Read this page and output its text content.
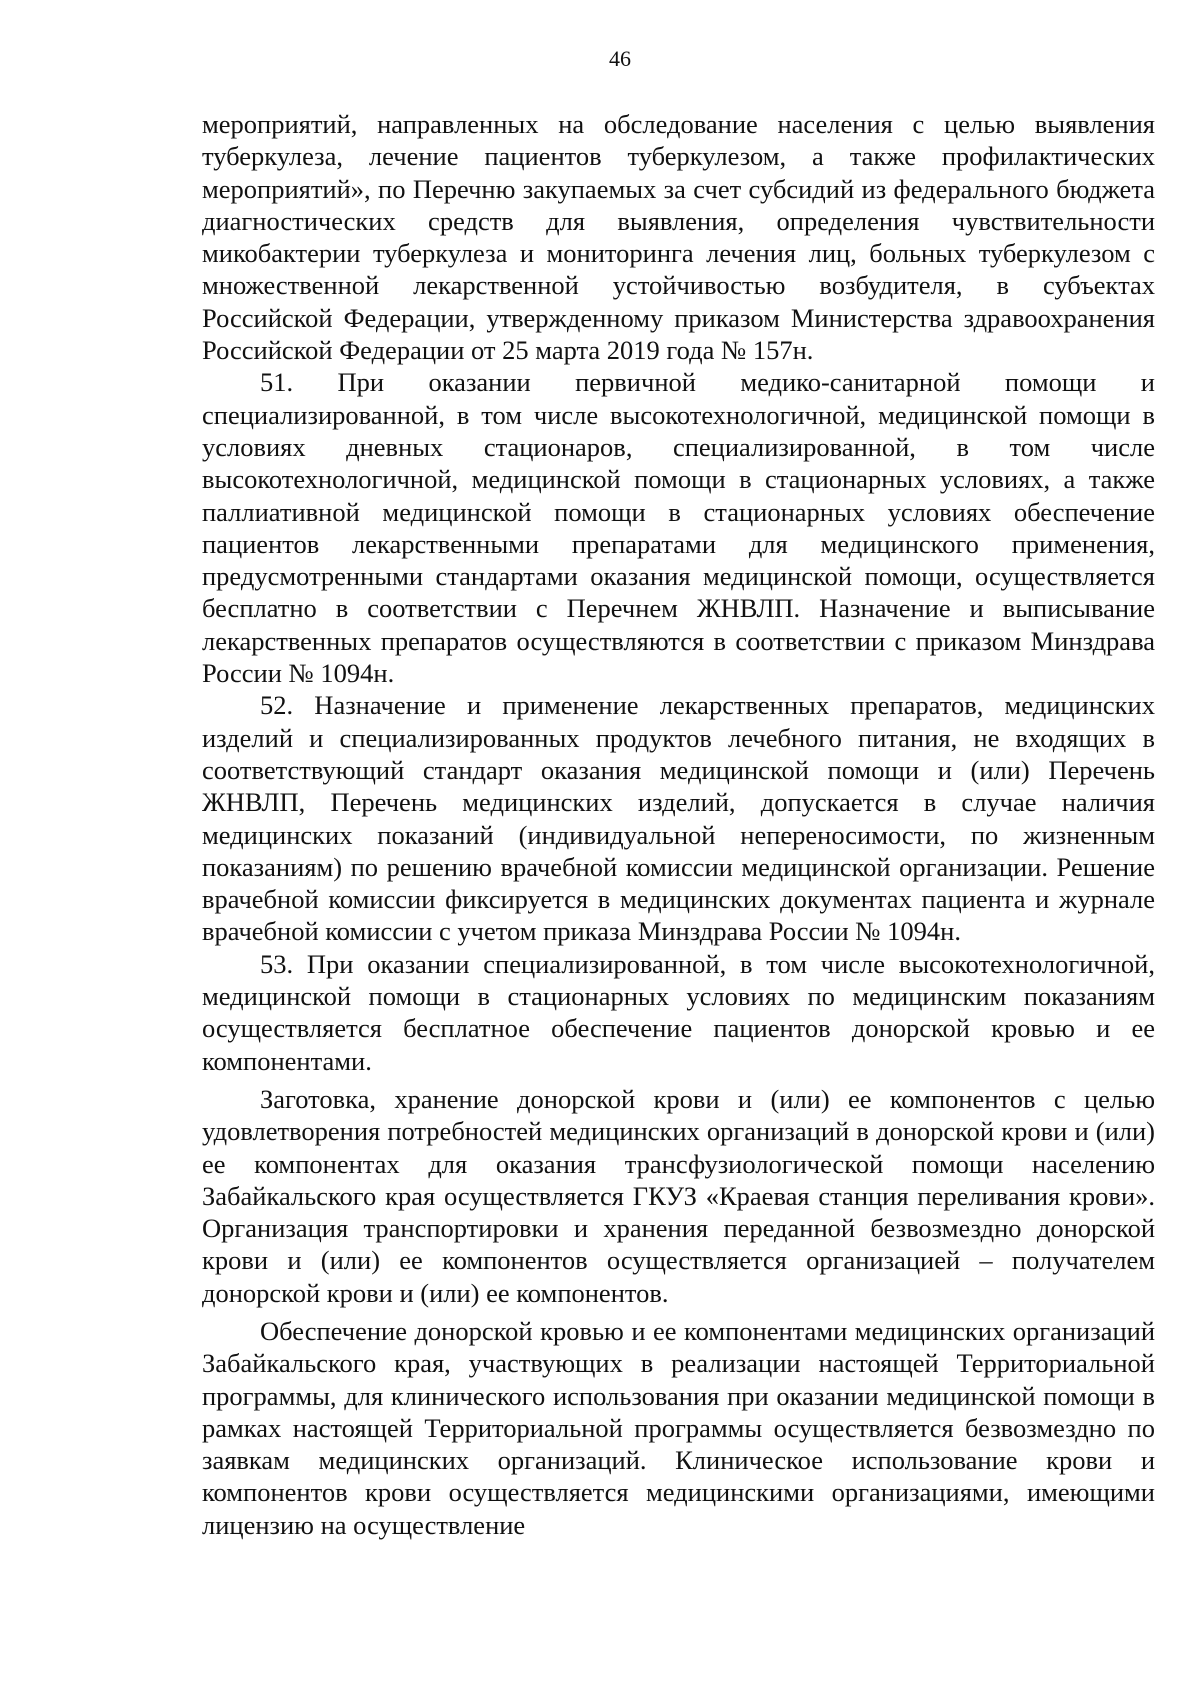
46

мероприятий, направленных на обследование населения с целью выявления туберкулеза, лечение пациентов туберкулезом, а также профилактических мероприятий», по Перечню закупаемых за счет субсидий из федерального бюджета диагностических средств для выявления, определения чувствительности микобактерии туберкулеза и мониторинга лечения лиц, больных туберкулезом с множественной лекарственной устойчивостью возбудителя, в субъектах Российской Федерации, утвержденному приказом Министерства здравоохранения Российской Федерации от 25 марта 2019 года № 157н.

51. При оказании первичной медико-санитарной помощи и специализированной, в том числе высокотехнологичной, медицинской помощи в условиях дневных стационаров, специализированной, в том числе высокотехнологичной, медицинской помощи в стационарных условиях, а также паллиативной медицинской помощи в стационарных условиях обеспечение пациентов лекарственными препаратами для медицинского применения, предусмотренными стандартами оказания медицинской помощи, осуществляется бесплатно в соответствии с Перечнем ЖНВЛП. Назначение и выписывание лекарственных препаратов осуществляются в соответствии с приказом Минздрава России № 1094н.

52. Назначение и применение лекарственных препаратов, медицинских изделий и специализированных продуктов лечебного питания, не входящих в соответствующий стандарт оказания медицинской помощи и (или) Перечень ЖНВЛП, Перечень медицинских изделий, допускается в случае наличия медицинских показаний (индивидуальной непереносимости, по жизненным показаниям) по решению врачебной комиссии медицинской организации. Решение врачебной комиссии фиксируется в медицинских документах пациента и журнале врачебной комиссии с учетом приказа Минздрава России № 1094н.

53. При оказании специализированной, в том числе высокотехнологичной, медицинской помощи в стационарных условиях по медицинским показаниям осуществляется бесплатное обеспечение пациентов донорской кровью и ее компонентами.

Заготовка, хранение донорской крови и (или) ее компонентов с целью удовлетворения потребностей медицинских организаций в донорской крови и (или) ее компонентах для оказания трансфузиологической помощи населению Забайкальского края осуществляется ГКУЗ «Краевая станция переливания крови». Организация транспортировки и хранения переданной безвозмездно донорской крови и (или) ее компонентов осуществляется организацией – получателем донорской крови и (или) ее компонентов.

Обеспечение донорской кровью и ее компонентами медицинских организаций Забайкальского края, участвующих в реализации настоящей Территориальной программы, для клинического использования при оказании медицинской помощи в рамках настоящей Территориальной программы осуществляется безвозмездно по заявкам медицинских организаций. Клиническое использование крови и компонентов крови осуществляется медицинскими организациями, имеющими лицензию на осуществление
